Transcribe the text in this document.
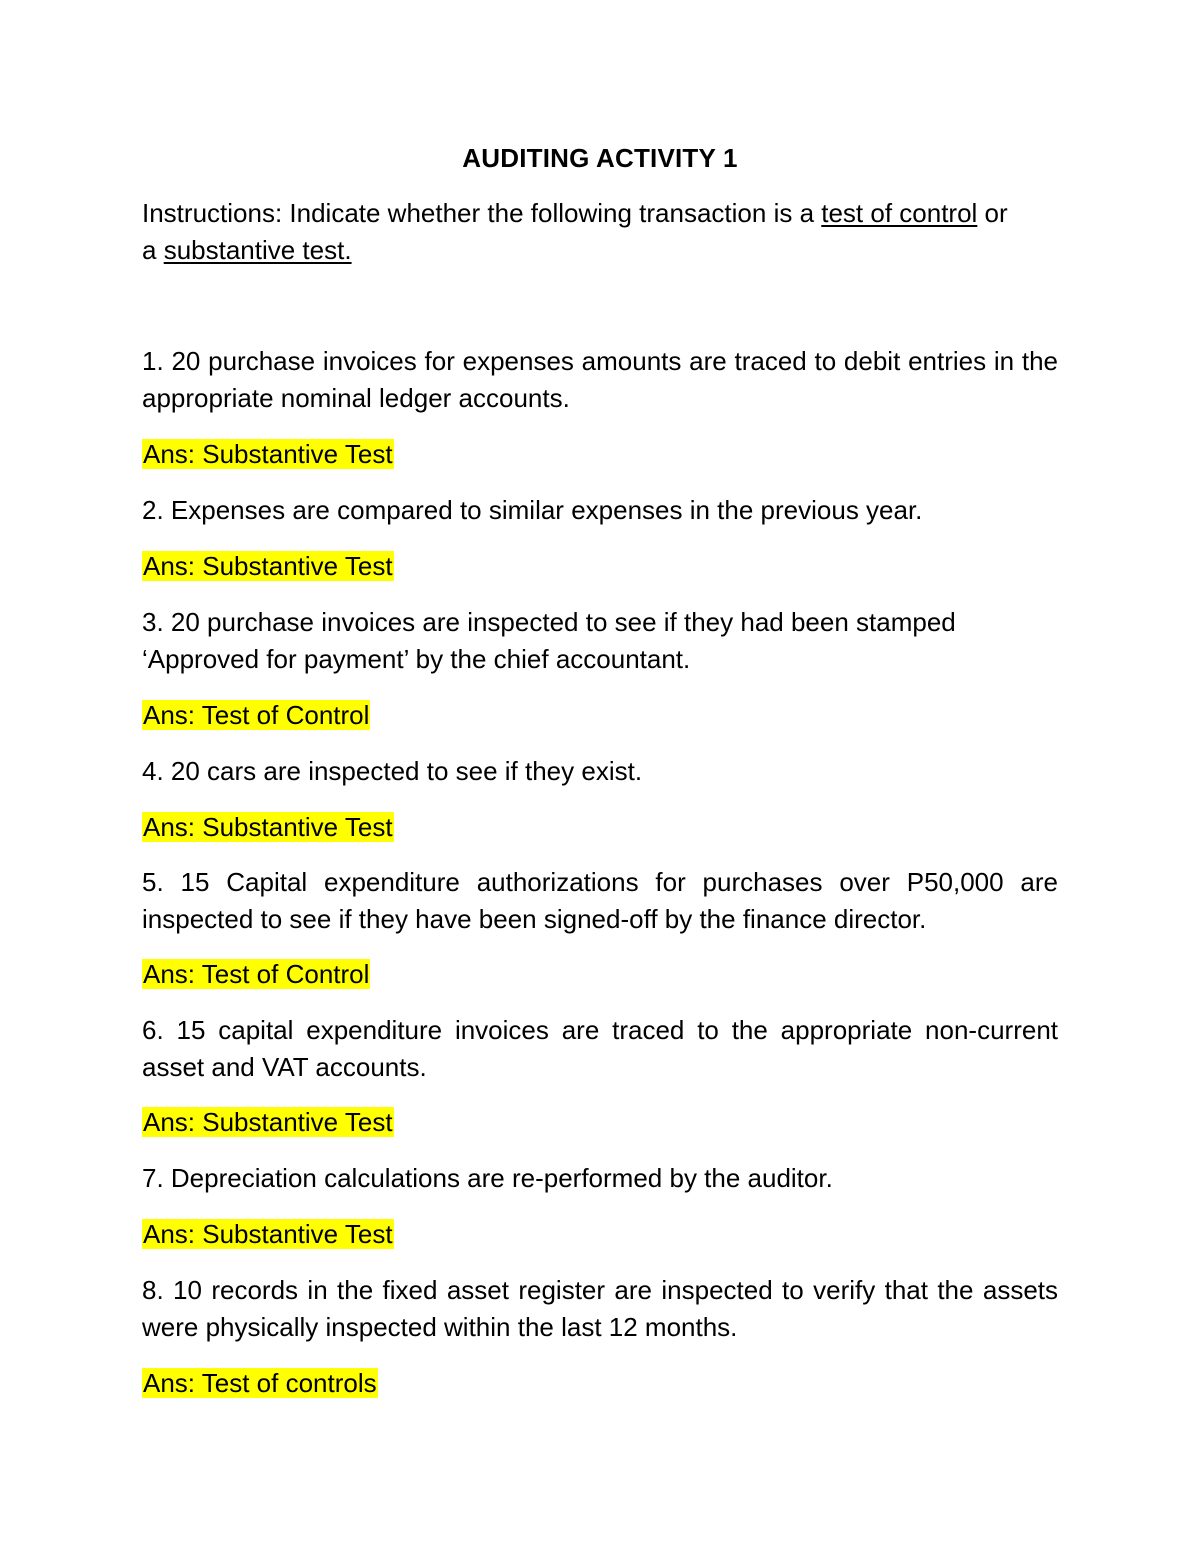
AUDITING ACTIVITY 1
Instructions: Indicate whether the following transaction is a test of control or
a substantive test.
1. 20 purchase invoices for expenses amounts are traced to debit entries in the appropriate nominal ledger accounts.
Ans: Substantive Test
2. Expenses are compared to similar expenses in the previous year.
Ans: Substantive Test
3. 20 purchase invoices are inspected to see if they had been stamped
‘Approved for payment’ by the chief accountant.
Ans: Test of Control
4. 20 cars are inspected to see if they exist.
Ans: Substantive Test
5. 15 Capital expenditure authorizations for purchases over P50,000 are inspected to see if they have been signed-off by the finance director.
Ans: Test of Control
6. 15 capital expenditure invoices are traced to the appropriate non-current asset and VAT accounts.
Ans: Substantive Test
7. Depreciation calculations are re-performed by the auditor.
Ans: Substantive Test
8. 10 records in the fixed asset register are inspected to verify that the assets were physically inspected within the last 12 months.
Ans: Test of controls
